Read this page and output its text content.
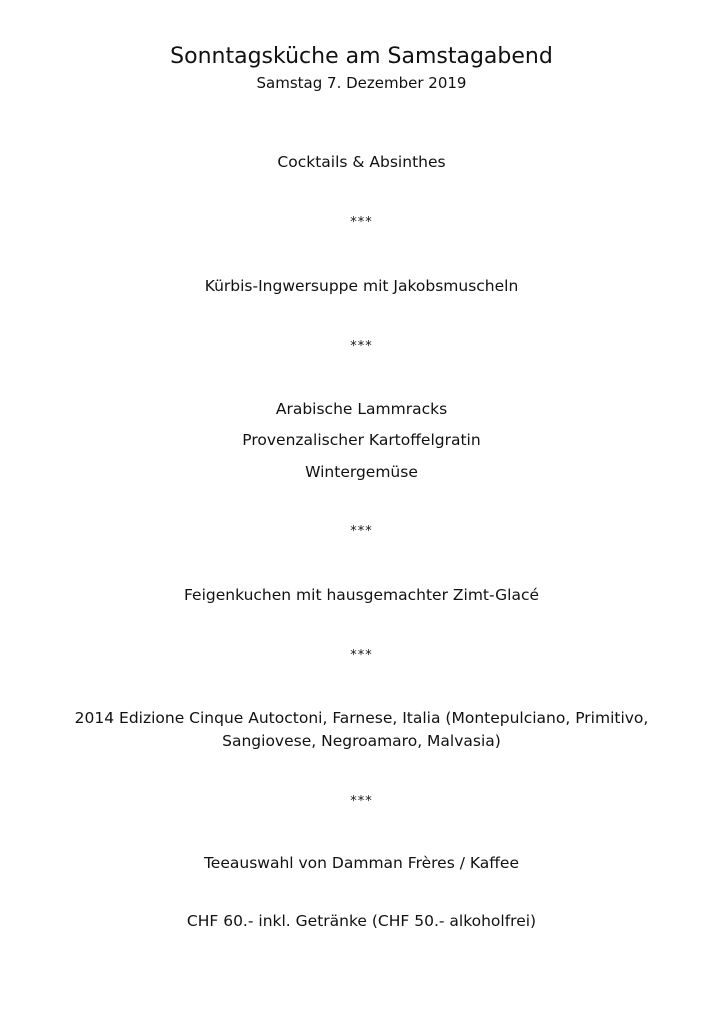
Sonntagsküche am Samstagabend
Samstag 7. Dezember 2019
Cocktails & Absinthes
***
Kürbis-Ingwersuppe mit Jakobsmuscheln
***
Arabische Lammracks
Provenzalischer Kartoffelgratin
Wintergemüse
***
Feigenkuchen mit hausgemachter Zimt-Glacé
***
2014 Edizione Cinque Autoctoni, Farnese, Italia (Montepulciano, Primitivo,
Sangiovese, Negroamaro, Malvasia)
***
Teeauswahl von Damman Frères / Kaffee
CHF 60.- inkl. Getränke (CHF 50.- alkoholfrei)
